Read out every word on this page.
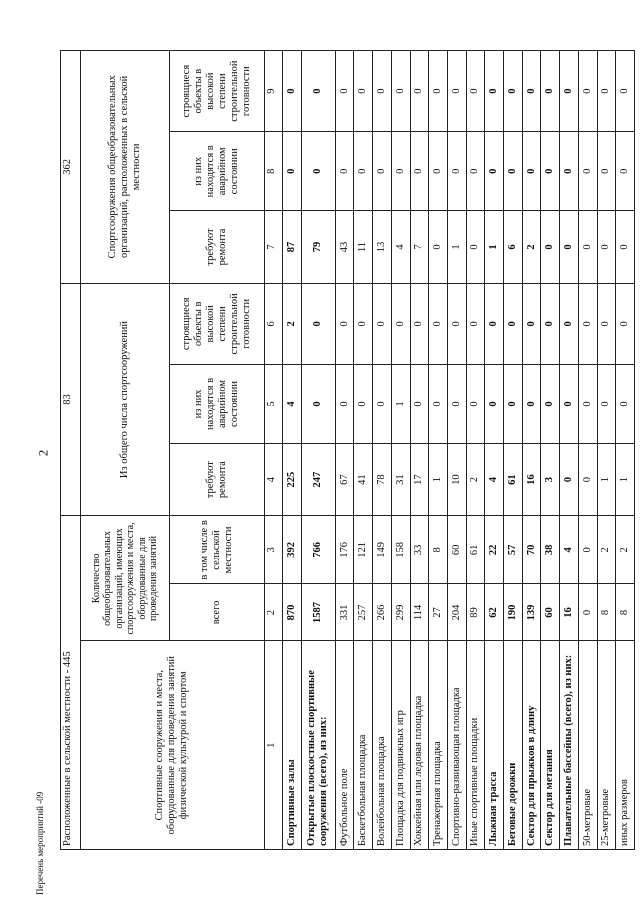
2
Перечень мероприятий -09 Расположенные в сельской местности - 445			83			362		
Спортивные сооружения и места, оборудованные для проведения занятий физической культурой и спортом	Количество общеобразовательных организаций, имеющих спортсооружения и места, оборудованные для проведения занятий		Из общего числа спортсооружений			Спортсооружения общеобразовательных организаций, расположенных в сельской местности		
	всего	в том числе в сельской местности	требуют ремонта	из них находятся в аварийном состоянии	строящиеся объекты в высокой степени строительной готовности	требуют ремонта	из них находятся в аварийном состоянии	строящиеся объекты в высокой степени строительной готовности
1	2	3	4	5	6	7	8	9
Спортивные залы	870	392	225	4	2	87	0	0
Открытые плоскостные спортивные сооружения (всего), из них:	1587	766	247	0	0	79	0	0
Футбольное поле	331	176	67	0	0	43	0	0
Баскетбольная площадка	257	121	41	0	0	11	0	0
Волейбольная площадка	266	149	78	0	0	13	0	0
Площадка для подвижных игр	299	158	31	1	0	4	0	0
Хоккейная или ледовая площадка	114	33	17	0	0	7	0	0
Тренажерная площадка	27	8	1	0	0	0	0	0
Спортивно-развивающая площадка	204	60	10	0	0	1	0	0
Иные спортивные площадки	89	61	2	0	0	0	0	0
Лыжная трасса	62	22	4	0	0	1	0	0
Беговые дорожки	190	57	61	0	0	6	0	0
Сектор для прыжков в длину	139	70	16	0	0	2	0	0
Сектор для метания	60	38	3	0	0	0	0	0
Плавательные бассейны (всего), из них:	16	4	0	0	0	0	0	0
50-метровые	0	0	0	0	0	0	0	0
25-метровые	8	2	1	0	0	0	0	0
иных размеров	8	2	1	0	0	0	0	0
